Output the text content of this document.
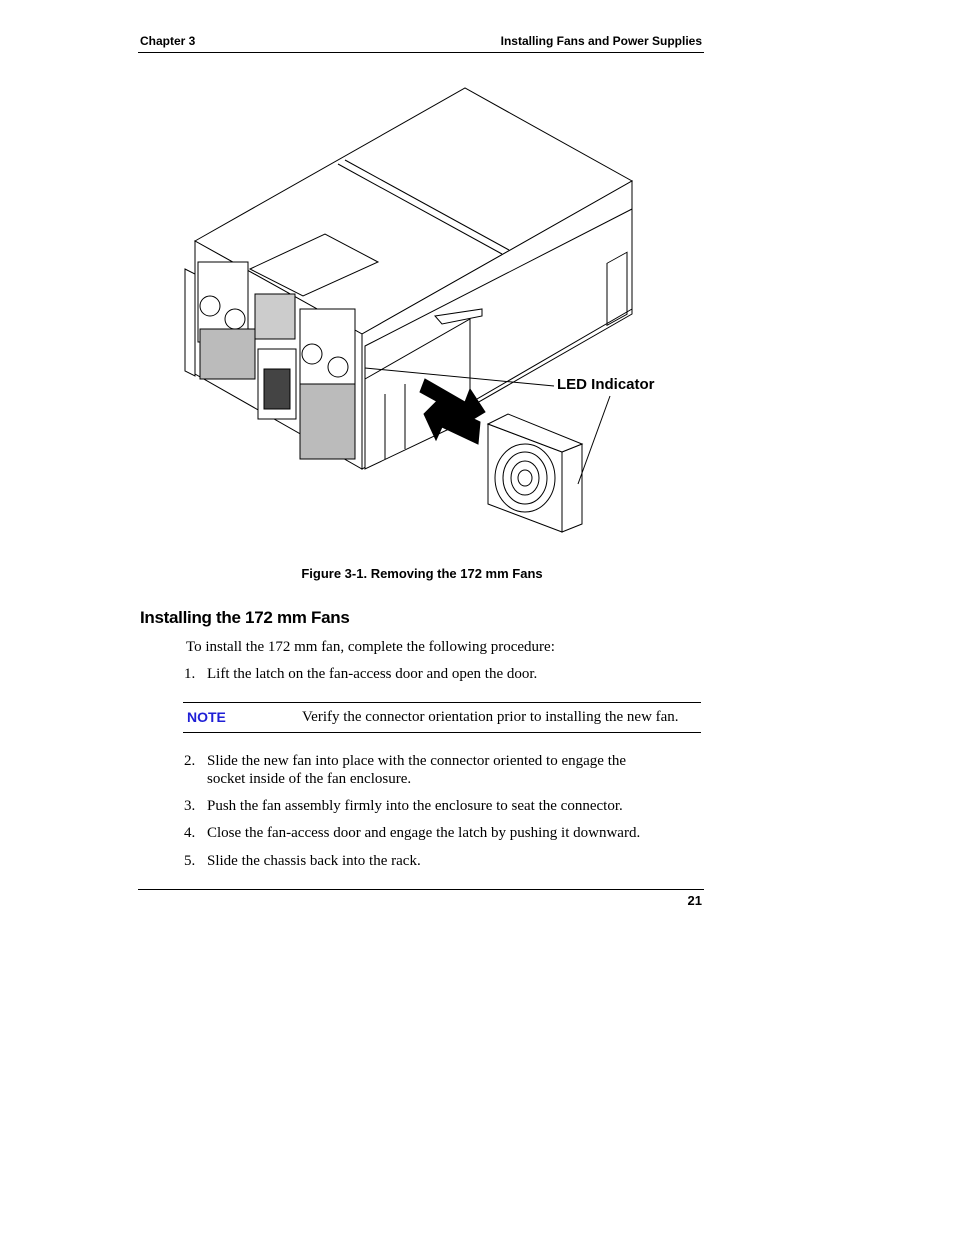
Chapter 3	Installing Fans and Power Supplies
LED Indicator
Figure 3-1. Removing the 172 mm Fans
Installing the 172 mm Fans
To install the 172 mm fan, complete the following procedure:
1. Lift the latch on the fan-access door and open the door.
NOTE	Verify the connector orientation prior to installing the new fan.
2. Slide the new fan into place with the connector oriented to engage the socket inside of the fan enclosure.
3. Push the fan assembly firmly into the enclosure to seat the connector.
4. Close the fan-access door and engage the latch by pushing it downward.
5. Slide the chassis back into the rack.
21
